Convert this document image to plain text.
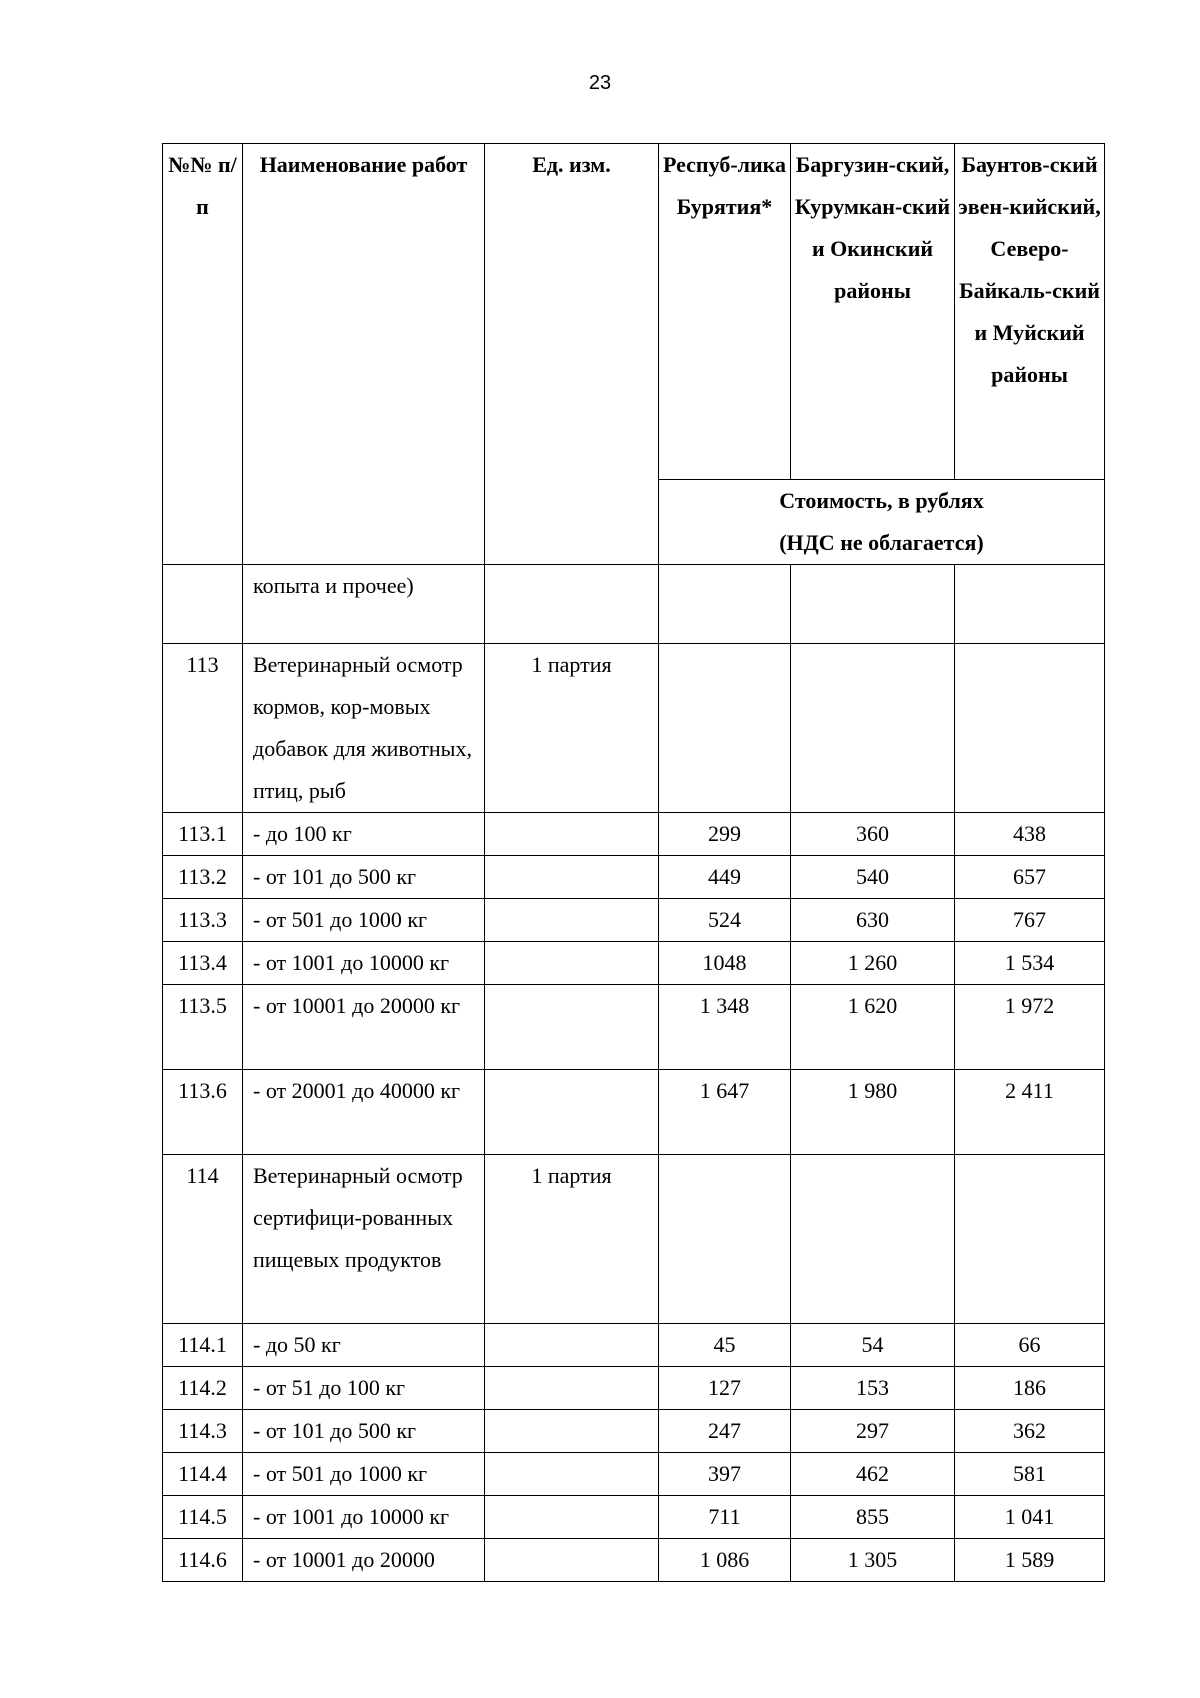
23
№№ п/п	Наименование работ	Ед. изм.	Респуб-лика Бурятия*	Баргузин-ский, Курумкан-ский и Окинский районы	Баунтов-ский эвен-кийский, Северо-Байкаль-ский и Муйский районы

			Стоимость, в рублях
(НДС не облагается)		

	копыта и прочее)				
113	Ветеринарный осмотр кормов, кор-мовых добавок для животных, птиц, рыб	1 партия			
113.1	- до 100 кг		299	360	438
113.2	- от 101 до 500 кг		449	540	657
113.3	- от 501 до 1000 кг		524	630	767
113.4	- от 1001 до 10000 кг		1048	1 260	1 534
113.5	- от 10001 до 20000 кг		1 348	1 620	1 972
113.6	- от 20001 до 40000 кг		1 647	1 980	2 411
114	Ветеринарный осмотр сертифици-рованных пищевых продуктов	1 партия			
114.1	- до 50 кг		45	54	66
114.2	- от 51 до 100 кг		127	153	186
114.3	- от 101 до 500 кг		247	297	362
114.4	- от 501 до 1000 кг		397	462	581
114.5	- от 1001 до 10000 кг		711	855	1 041
114.6	- от 10001 до 20000		1 086	1 305	1 589
